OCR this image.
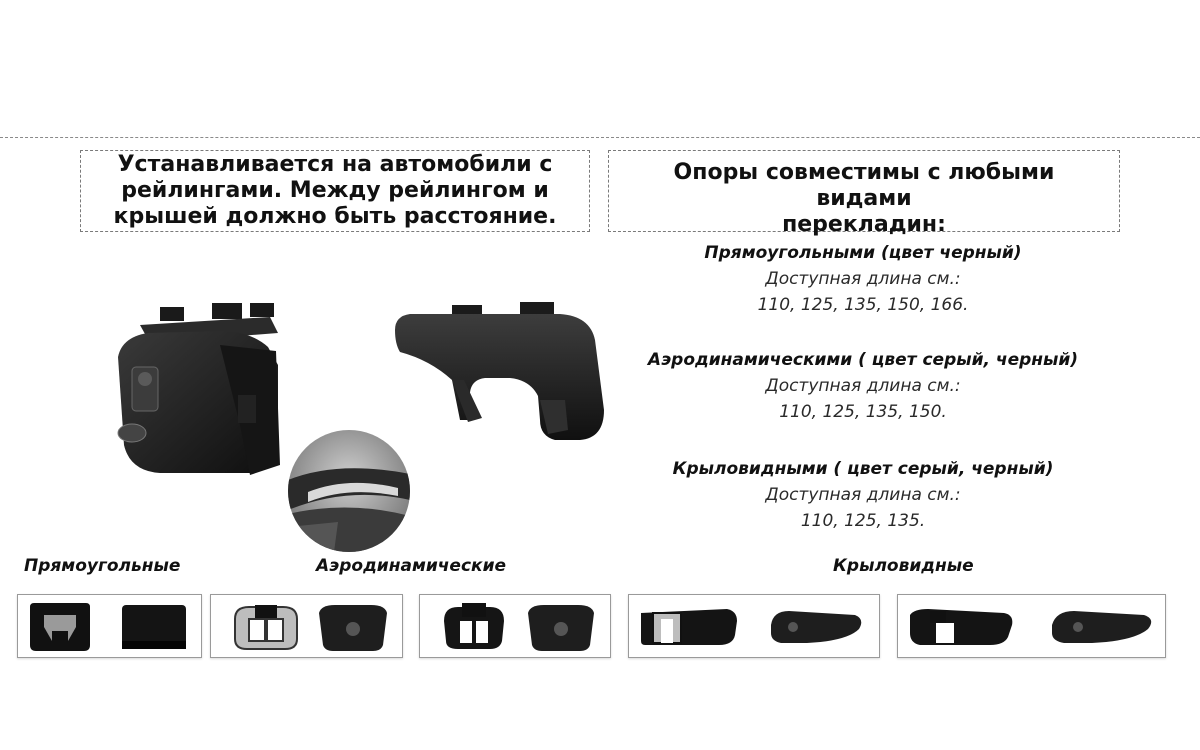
Устанавливается на автомобили с
рейлингами. Между рейлингом и
крышей должно быть расстояние.
Опоры совместимы с любыми видами
перекладин:
Прямоугольными (цвет черный)
Доступная длина см.:
110, 125, 135, 150, 166.
Аэродинамическими ( цвет серый, черный)
Доступная длина см.:
110, 125, 135, 150.
Крыловидными ( цвет серый, черный)
Доступная длина см.:
110, 125, 135.
Прямоугольные	Аэродинамические	Крыловидные
